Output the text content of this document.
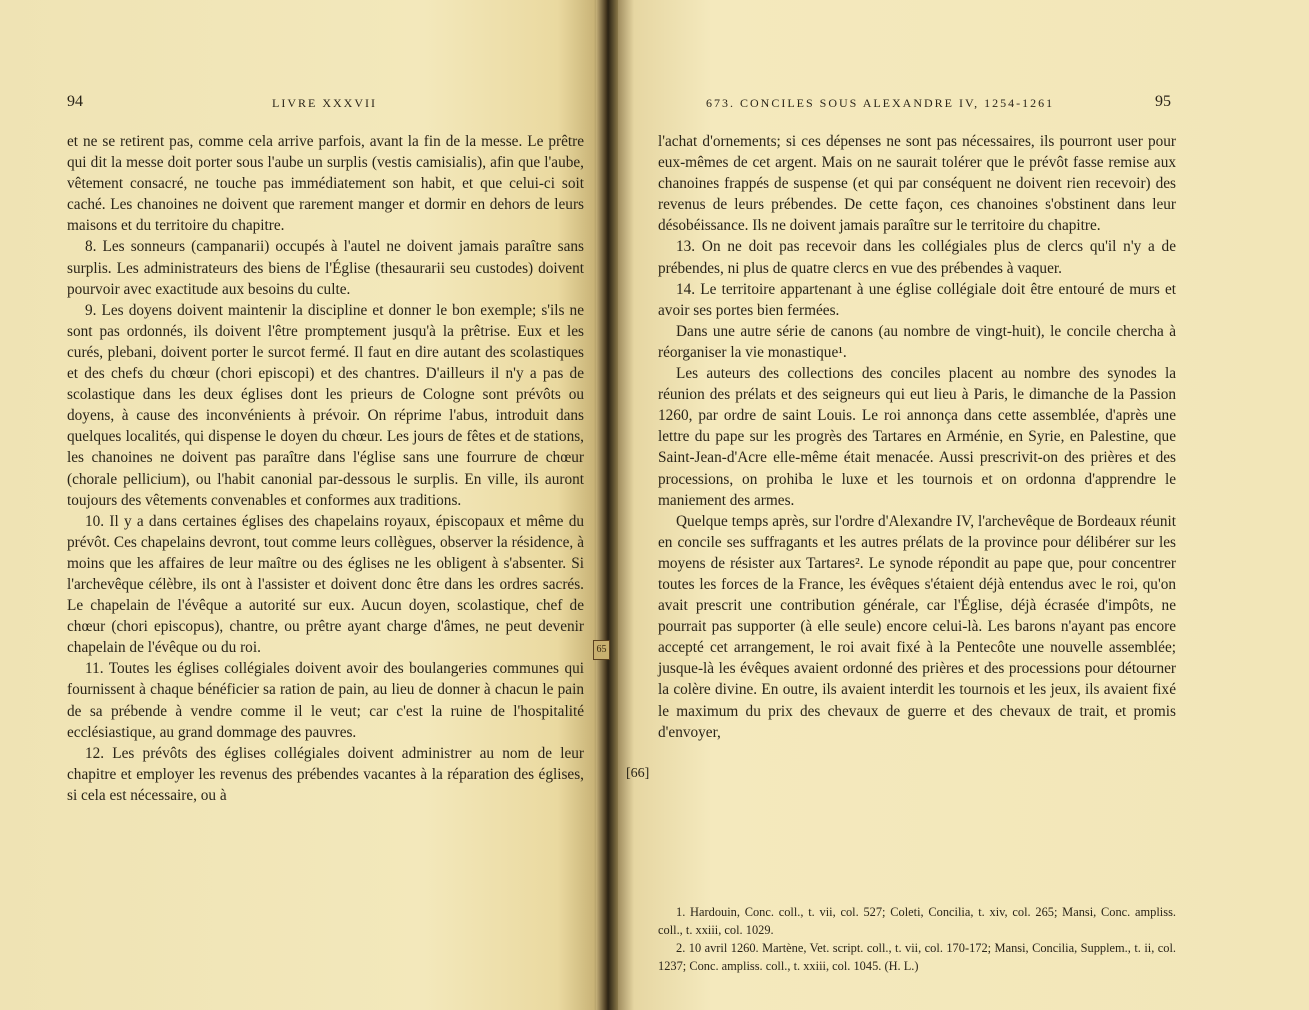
94	LIVRE XXXVII

et ne se retirent pas, comme cela arrive parfois, avant la fin de la messe. Le prêtre qui dit la messe doit porter sous l'aube un surplis (vestis camisialis), afin que l'aube, vêtement consacré, ne touche pas immédiatement son habit, et que celui-ci soit caché. Les chanoines ne doivent que rarement manger et dormir en dehors de leurs maisons et du territoire du chapitre.

8. Les sonneurs (campanarii) occupés à l'autel ne doivent jamais paraître sans surplis. Les administrateurs des biens de l'Église (thesaurarii seu custodes) doivent pourvoir avec exactitude aux besoins du culte.

9. Les doyens doivent maintenir la discipline et donner le bon exemple; s'ils ne sont pas ordonnés, ils doivent l'être promptement jusqu'à la prêtrise. Eux et les curés, plebani, doivent porter le surcot fermé. Il faut en dire autant des scolastiques et des chefs du chœur (chori episcopi) et des chantres. D'ailleurs il n'y a pas de scolastique dans les deux églises dont les prieurs de Cologne sont prévôts ou doyens, à cause des inconvénients à prévoir. On réprime l'abus, introduit dans quelques localités, qui dispense le doyen du chœur. Les jours de fêtes et de stations, les chanoines ne doivent pas paraître dans l'église sans une fourrure de chœur (chorale pellicium), ou l'habit canonial par-dessous le surplis. En ville, ils auront toujours des vêtements convenables et conformes aux traditions.

10. Il y a dans certaines églises des chapelains royaux, épiscopaux et même du prévôt. Ces chapelains devront, tout comme leurs collègues, observer la résidence, à moins que les affaires de leur maître ou des églises ne les obligent à s'absenter. Si l'archevêque célèbre, ils ont à l'assister et doivent donc être dans les ordres sacrés. Le chapelain de l'évêque a autorité sur eux. Aucun doyen, scolastique, chef de chœur (chori episcopus), chantre, ou prêtre ayant charge d'âmes, ne peut devenir chapelain de l'évêque ou du roi.

11. Toutes les églises collégiales doivent avoir des boulangeries communes qui fournissent à chaque bénéficier sa ration de pain, au lieu de donner à chacun le pain de sa prébende à vendre comme il le veut; car c'est la ruine de l'hospitalité ecclésiastique, au grand dommage des pauvres.

12. Les prévôts des églises collégiales doivent administrer au nom de leur chapitre et employer les revenus des prébendes vacantes à la réparation des églises, si cela est nécessaire, ou à

673. CONCILES SOUS ALEXANDRE IV, 1254-1261	95

l'achat d'ornements; si ces dépenses ne sont pas nécessaires, ils pourront user pour eux-mêmes de cet argent. Mais on ne saurait tolérer que le prévôt fasse remise aux chanoines frappés de suspense (et qui par conséquent ne doivent rien recevoir) des revenus de leurs prébendes. De cette façon, ces chanoines s'obstinent dans leur désobéissance. Ils ne doivent jamais paraître sur le territoire du chapitre.

13. On ne doit pas recevoir dans les collégiales plus de clercs qu'il n'y a de prébendes, ni plus de quatre clercs en vue des prébendes à vaquer.

14. Le territoire appartenant à une église collégiale doit être entouré de murs et avoir ses portes bien fermées.

Dans une autre série de canons (au nombre de vingt-huit), le concile chercha à réorganiser la vie monastique¹.

Les auteurs des collections des conciles placent au nombre des synodes la réunion des prélats et des seigneurs qui eut lieu à Paris, le dimanche de la Passion 1260, par ordre de saint Louis. Le roi annonça dans cette assemblée, d'après une lettre du pape sur les progrès des Tartares en Arménie, en Syrie, en Palestine, que Saint-Jean-d'Acre elle-même était menacée. Aussi prescrivit-on des prières et des processions, on prohiba le luxe et les tournois et on ordonna d'apprendre le maniement des armes.

Quelque temps après, sur l'ordre d'Alexandre IV, l'archevêque de Bordeaux réunit en concile ses suffragants et les autres prélats de la province pour délibérer sur les moyens de résister aux Tartares². Le synode répondit au pape que, pour concentrer toutes les forces de la France, les évêques s'étaient déjà entendus avec le roi, qu'on avait prescrit une contribution générale, car l'Église, déjà écrasée d'impôts, ne pourrait pas supporter (à elle seule) encore celui-là. Les barons n'ayant pas encore accepté cet arrangement, le roi avait fixé à la Pentecôte une nouvelle assemblée; jusque-là les évêques avaient ordonné des prières et des processions pour détourner la colère divine. En outre, ils avaient interdit les tournois et les jeux, ils avaient fixé le maximum du prix des chevaux de guerre et des chevaux de trait, et promis d'envoyer,

[66]

1. Hardouin, Conc. coll., t. vii, col. 527; Coleti, Concilia, t. xiv, col. 265; Mansi, Conc. ampliss. coll., t. xxiii, col. 1029.

2. 10 avril 1260. Martène, Vet. script. coll., t. vii, col. 170-172; Mansi, Concilia, Supplem., t. ii, col. 1237; Conc. ampliss. coll., t. xxiii, col. 1045. (H. L.)

65
